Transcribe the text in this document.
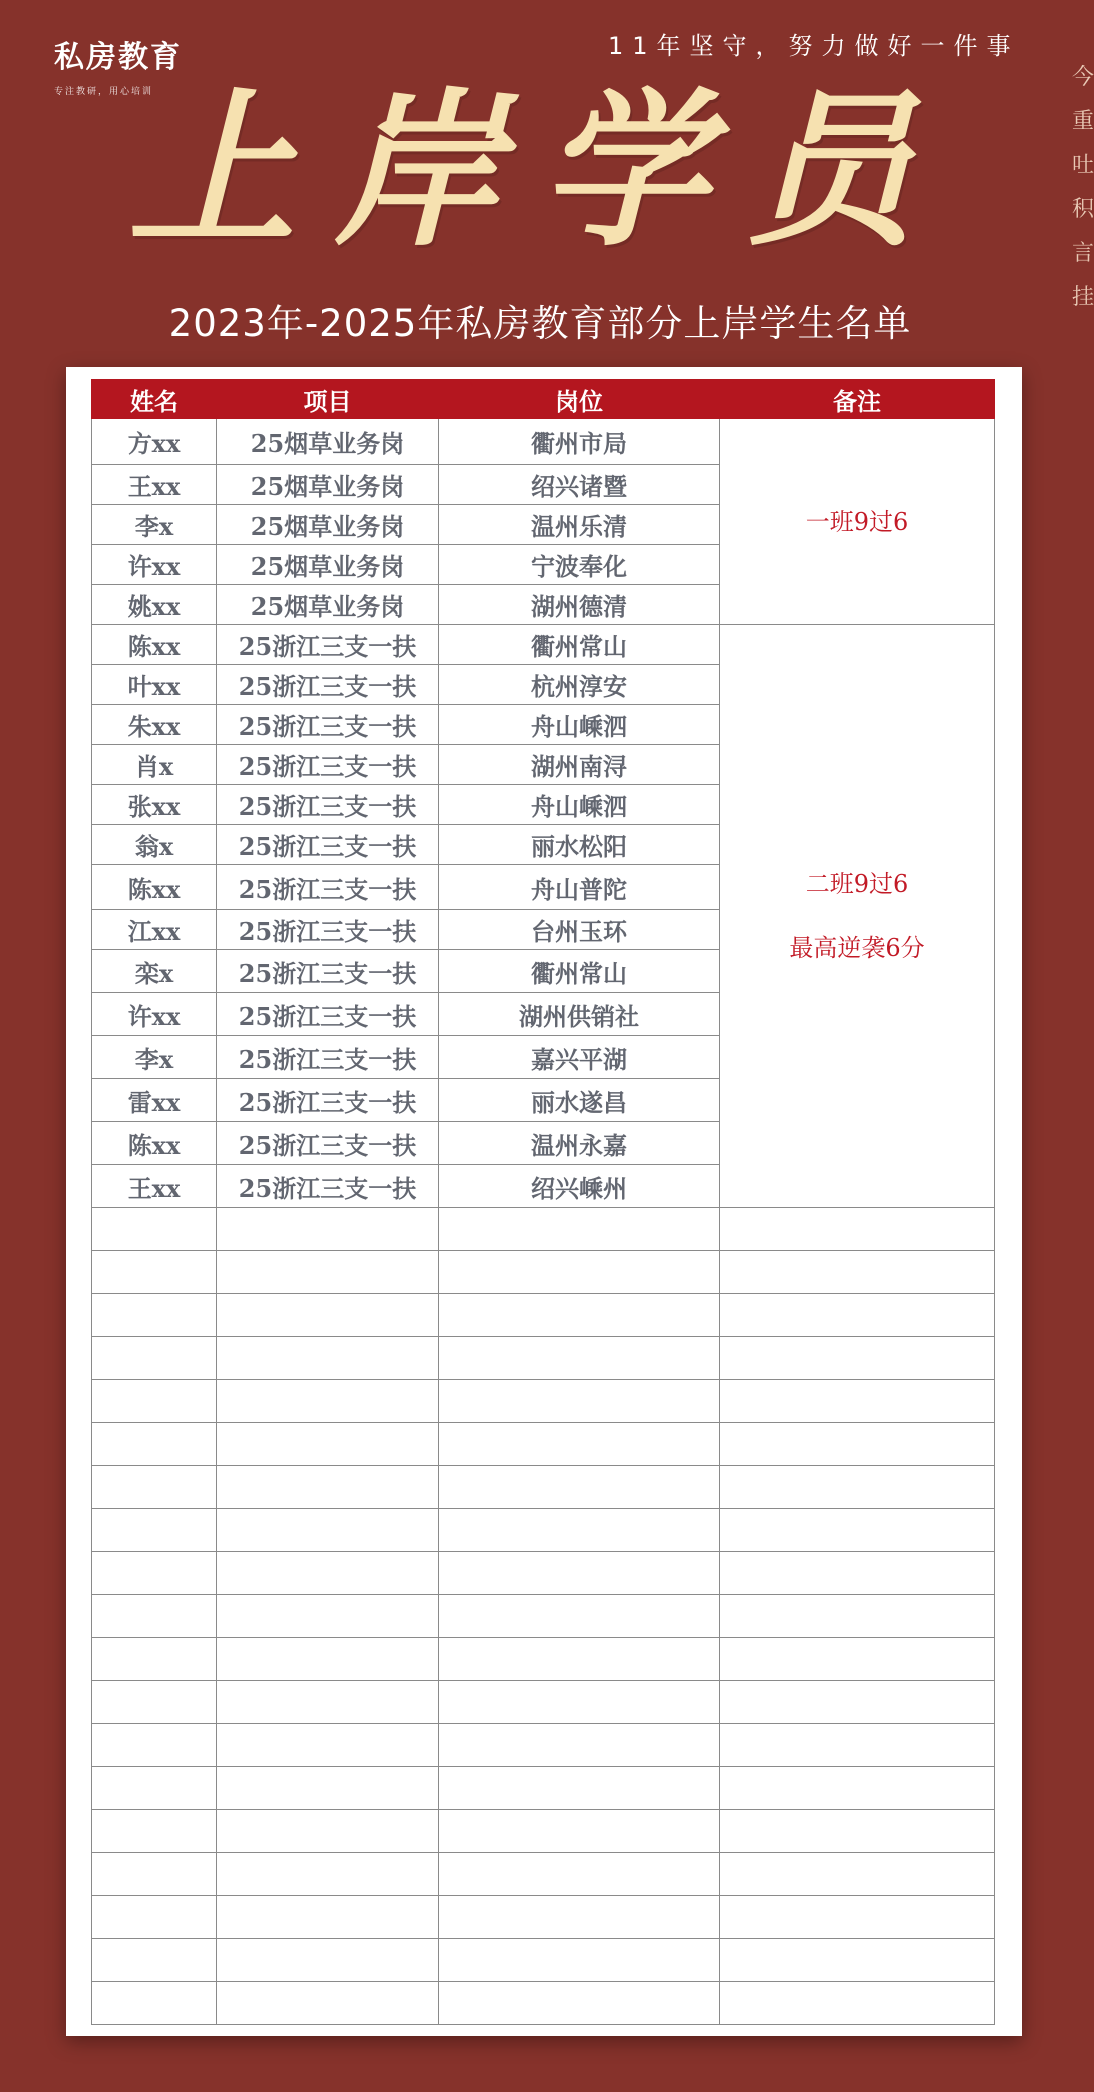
私房教育
专注教研，用心培训
11年坚守，努力做好一件事
今
重
吐
积
言
挂
上岸学员
2023年-2025年私房教育部分上岸学生名单
姓名	项目	岗位	备注
方xx	25烟草业务岗	衢州市局	一班9过6

王xx	25烟草业务岗	绍兴诸暨	
李x	25烟草业务岗	温州乐清	
许xx	25烟草业务岗	宁波奉化	
姚xx	25烟草业务岗	湖州德清	
陈xx	25浙江三支一扶	衢州常山	二班9过6
最高逆袭6分

叶xx	25浙江三支一扶	杭州淳安	
朱xx	25浙江三支一扶	舟山嵊泗	
肖x	25浙江三支一扶	湖州南浔	
张xx	25浙江三支一扶	舟山嵊泗	
翁x	25浙江三支一扶	丽水松阳	
陈xx	25浙江三支一扶	舟山普陀	
江xx	25浙江三支一扶	台州玉环	
栾x	25浙江三支一扶	衢州常山	
许xx	25浙江三支一扶	湖州供销社	
李x	25浙江三支一扶	嘉兴平湖	
雷xx	25浙江三支一扶	丽水遂昌	
陈xx	25浙江三支一扶	温州永嘉	
王xx	25浙江三支一扶	绍兴嵊州	
